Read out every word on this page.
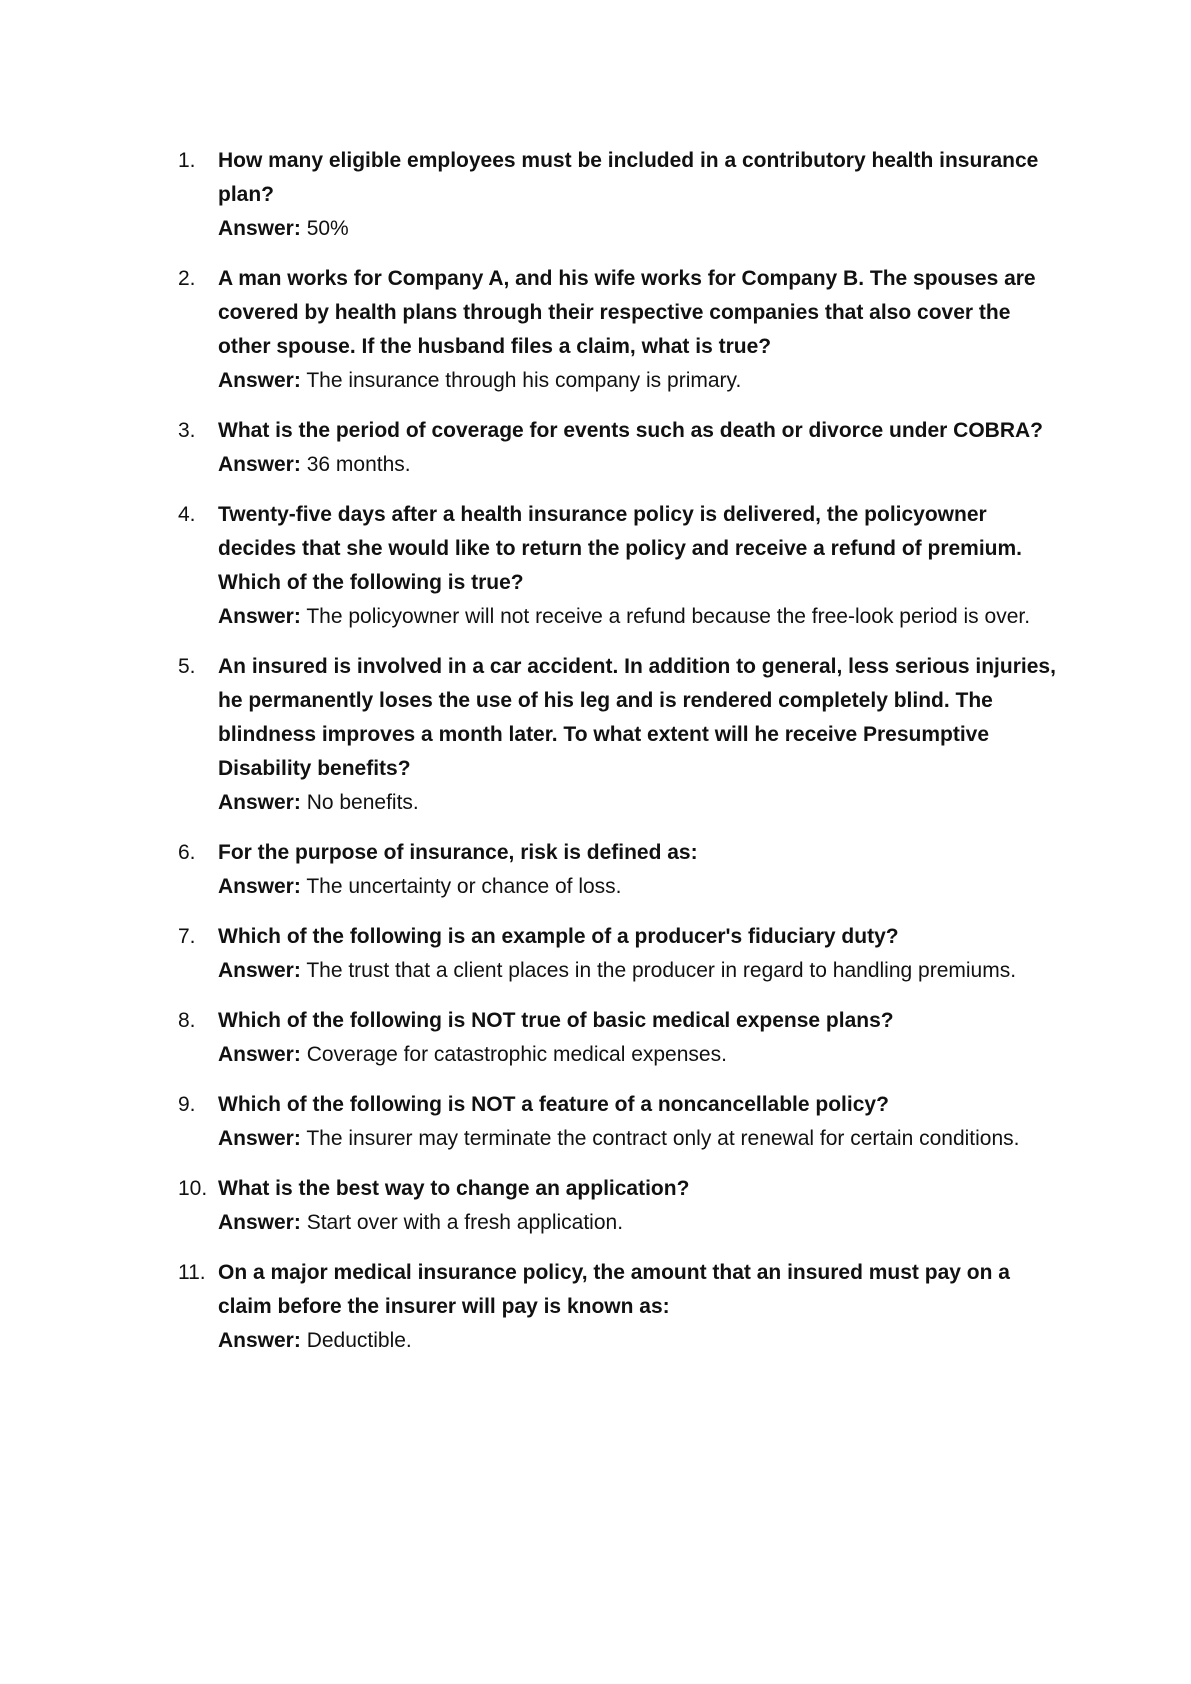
1.	How many eligible employees must be included in a contributory health insurance plan?
Answer: 50%
2.	A man works for Company A, and his wife works for Company B. The spouses are covered by health plans through their respective companies that also cover the other spouse. If the husband files a claim, what is true?
Answer: The insurance through his company is primary.
3.	What is the period of coverage for events such as death or divorce under COBRA?
Answer: 36 months.
4.	Twenty-five days after a health insurance policy is delivered, the policyowner decides that she would like to return the policy and receive a refund of premium. Which of the following is true?
Answer: The policyowner will not receive a refund because the free-look period is over.
5.	An insured is involved in a car accident. In addition to general, less serious injuries, he permanently loses the use of his leg and is rendered completely blind. The blindness improves a month later. To what extent will he receive Presumptive Disability benefits?
Answer: No benefits.
6.	For the purpose of insurance, risk is defined as:
Answer: The uncertainty or chance of loss.
7.	Which of the following is an example of a producer's fiduciary duty?
Answer: The trust that a client places in the producer in regard to handling premiums.
8.	Which of the following is NOT true of basic medical expense plans?
Answer: Coverage for catastrophic medical expenses.
9.	Which of the following is NOT a feature of a noncancellable policy?
Answer: The insurer may terminate the contract only at renewal for certain conditions.
10. What is the best way to change an application?
Answer: Start over with a fresh application.
11. On a major medical insurance policy, the amount that an insured must pay on a claim before the insurer will pay is known as:
Answer: Deductible.
